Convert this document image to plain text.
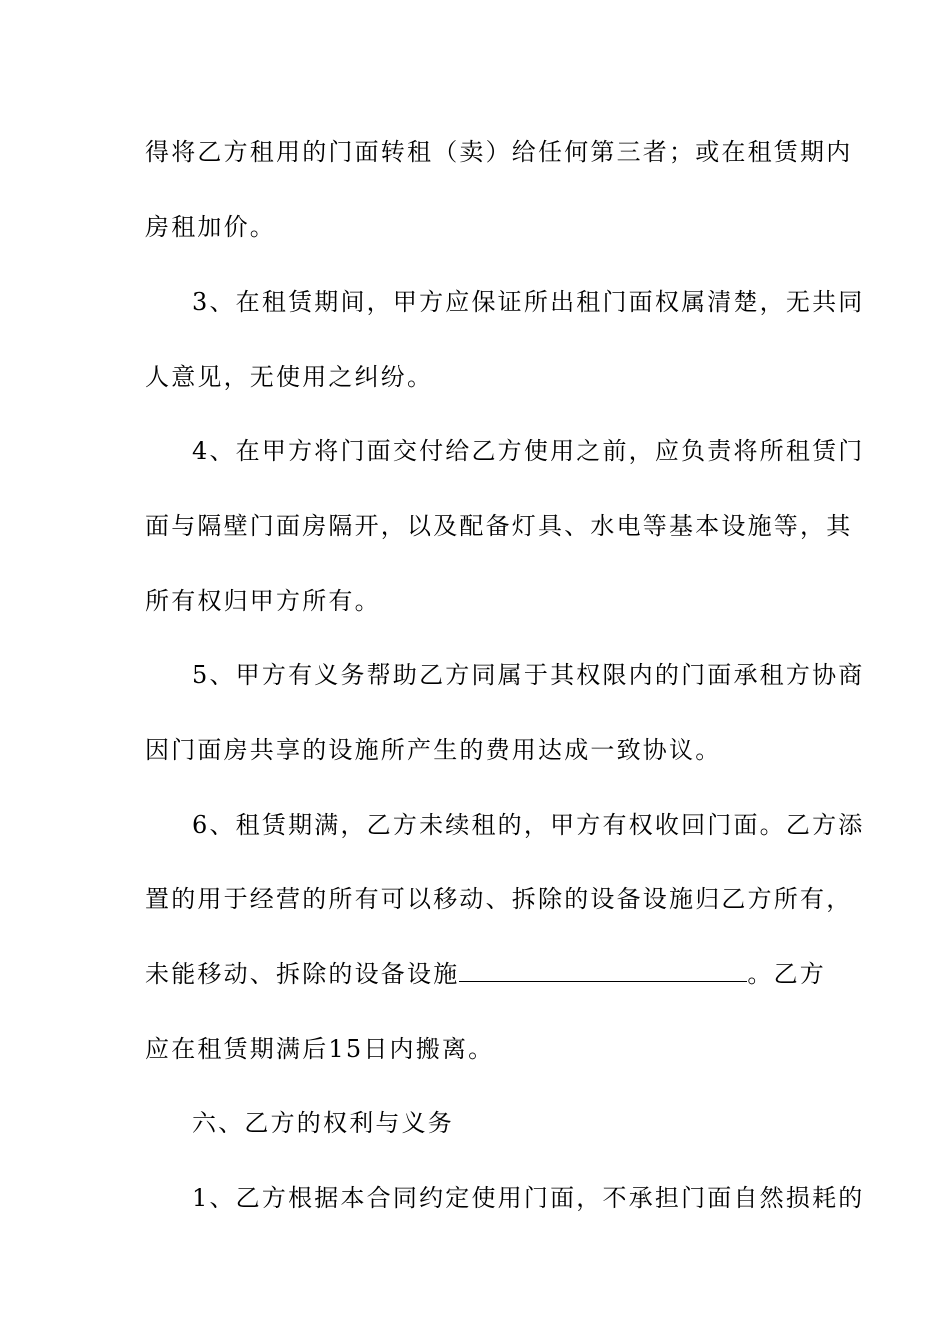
得将乙方租用的门面转租（卖）给任何第三者；或在租赁期内
房租加价。
3、在租赁期间，甲方应保证所出租门面权属清楚，无共同
人意见，无使用之纠纷。
4、在甲方将门面交付给乙方使用之前，应负责将所租赁门
面与隔壁门面房隔开，以及配备灯具、水电等基本设施等，其
所有权归甲方所有。
5、甲方有义务帮助乙方同属于其权限内的门面承租方协商
因门面房共享的设施所产生的费用达成一致协议。
6、租赁期满，乙方未续租的，甲方有权收回门面。乙方添
置的用于经营的所有可以移动、拆除的设备设施归乙方所有，
未能移动、拆除的设备设施	。乙方
应在租赁期满后15日内搬离。
六、乙方的权利与义务
1、乙方根据本合同约定使用门面，不承担门面自然损耗的
